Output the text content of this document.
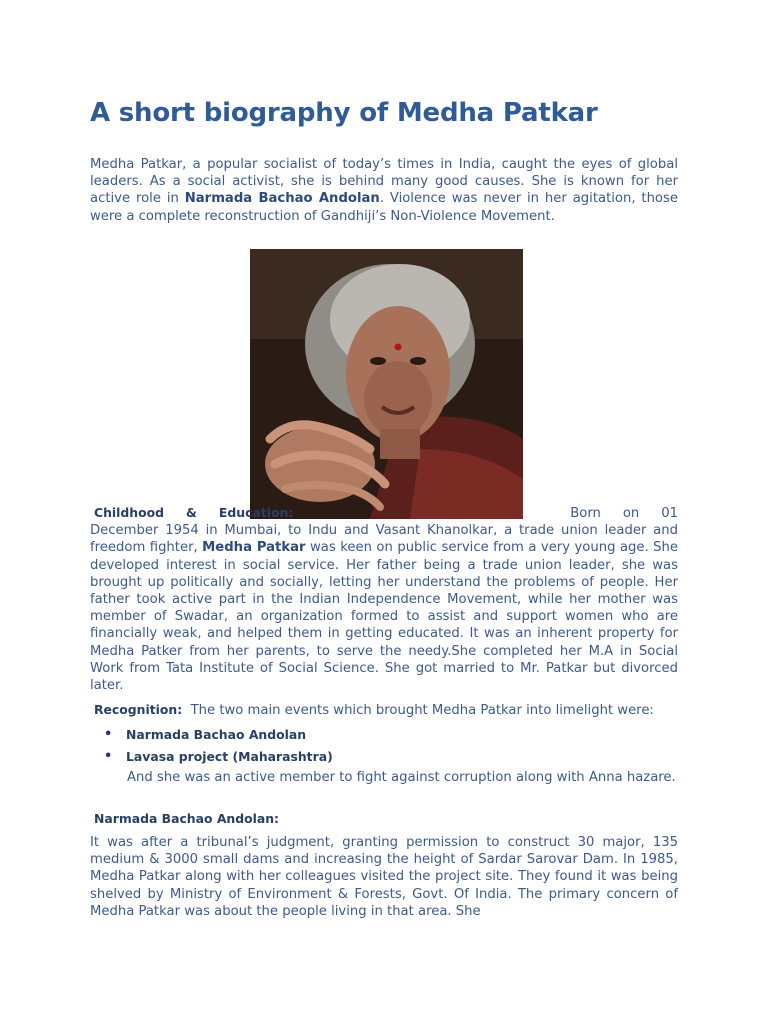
A short biography of Medha Patkar

Medha Patkar, a popular socialist of today’s times in India, caught the eyes of global leaders. As a social activist, she is behind many good causes. She is known for her active role in Narmada Bachao Andolan. Violence was never in her agitation, those were a complete reconstruction of Gandhiji’s Non-Violence Movement.

Childhood & Education:	Born on 01 December 1954 in Mumbai, to Indu and Vasant Khanolkar, a trade union leader and freedom fighter, Medha Patkar was keen on public service from a very young age. She developed interest in social service. Her father being a trade union leader, she was brought up politically and socially, letting her understand the problems of people. Her father took active part in the Indian Independence Movement, while her mother was member of Swadar, an organization formed to assist and support women who are financially weak, and helped them in getting educated. It was an inherent property for Medha Patker from her parents, to serve the needy.She completed her M.A in Social Work from Tata Institute of Social Science. She got married to Mr. Patkar but divorced later.

Recognition: The two main events which brought Medha Patkar into limelight were:

• Narmada Bachao Andolan
• Lavasa project (Maharashtra)

And she was an active member to fight against corruption along with Anna hazare.

Narmada Bachao Andolan:

It was after a tribunal’s judgment, granting permission to construct 30 major, 135 medium & 3000 small dams and increasing the height of Sardar Sarovar Dam. In 1985, Medha Patkar along with her colleagues visited the project site. They found it was being shelved by Ministry of Environment & Forests, Govt. Of India. The primary concern of Medha Patkar was about the people living in that area. She
